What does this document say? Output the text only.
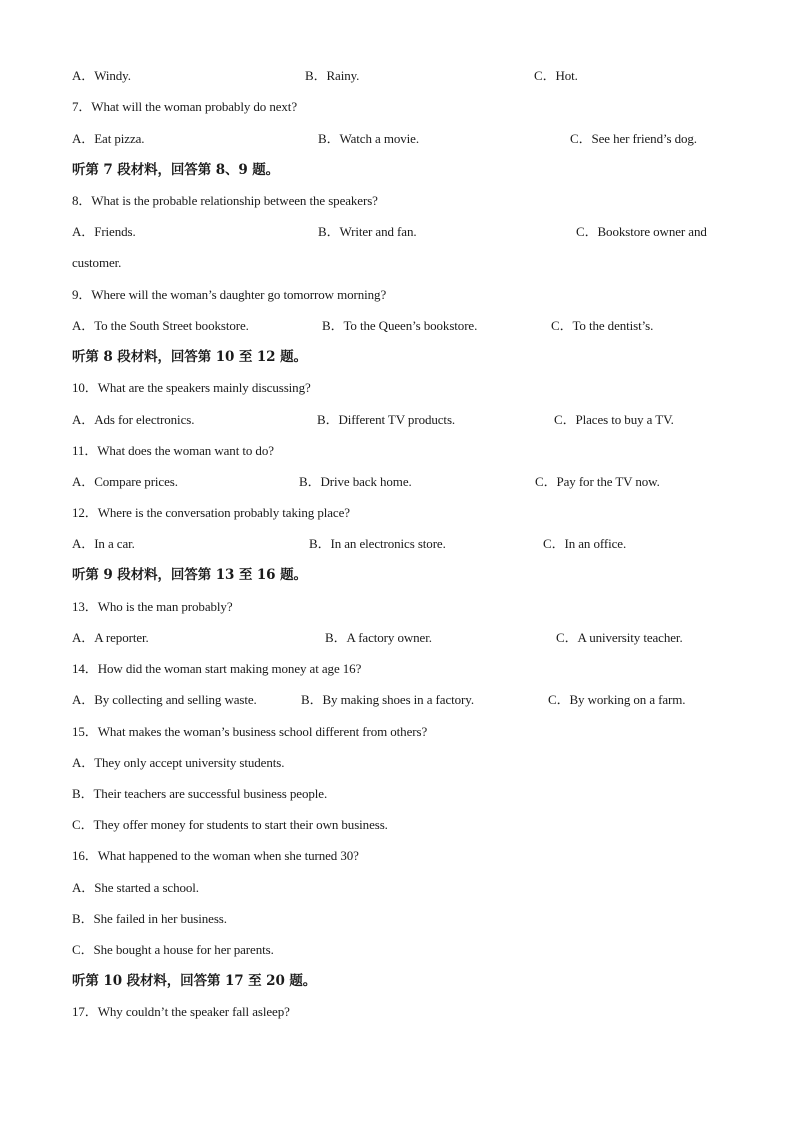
A．Windy.	B．Rainy.	C．Hot.
7．What will the woman probably do next?
A．Eat pizza.	B．Watch a movie.	C．See her friend’s dog.
听第 7 段材料，回答第 8、9 题。
8．What is the probable relationship between the speakers?
A．Friends.	B．Writer and fan.	C．Bookstore owner and
customer.
9．Where will the woman’s daughter go tomorrow morning?
A．To the South Street bookstore.	B．To the Queen’s bookstore.	C．To the dentist’s.
听第 8 段材料，回答第 10 至 12 题。
10．What are the speakers mainly discussing?
A．Ads for electronics.	B．Different TV products.	C．Places to buy a TV.
11．What does the woman want to do?
A．Compare prices.	B．Drive back home.	C．Pay for the TV now.
12．Where is the conversation probably taking place?
A．In a car.	B．In an electronics store.	C．In an office.
听第 9 段材料，回答第 13 至 16 题。
13．Who is the man probably?
A．A reporter.	B．A factory owner.	C．A university teacher.
14．How did the woman start making money at age 16?
A．By collecting and selling waste.	B．By making shoes in a factory.	C．By working on a farm.
15．What makes the woman’s business school different from others?
A．They only accept university students.
B．Their teachers are successful business people.
C．They offer money for students to start their own business.
16．What happened to the woman when she turned 30?
A．She started a school.
B．She failed in her business.
C．She bought a house for her parents.
听第 10 段材料，回答第 17 至 20 题。
17．Why couldn’t the speaker fall asleep?
